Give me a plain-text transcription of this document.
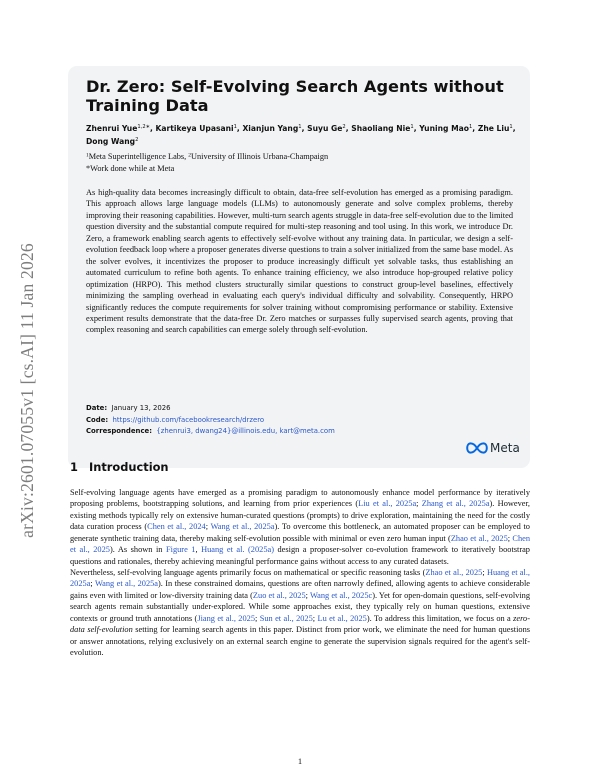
arXiv:2601.07055v1 [cs.AI] 11 Jan 2026
Dr. Zero: Self-Evolving Search Agents without Training Data
Zhenrui Yue$^{1,2∗}$, Kartikeya Upasani$^1$, Xianjun Yang$^1$, Suyu Ge$^2$, Shaoliang Nie$^1$, Yuning Mao$^1$, Zhe Liu$^1$, Dong Wang$^2$
$^1$Meta Superintelligence Labs, $^2$University of Illinois Urbana-Champaign
*Work done while at Meta

As high-quality data becomes increasingly difficult to obtain, data-free self-evolution has emerged as a promising paradigm. This approach allows large language models (LLMs) to autonomously generate and solve complex problems, thereby improving their reasoning capabilities. However, multi-turn search agents struggle in data-free self-evolution due to the limited question diversity and the substantial compute required for multi-step reasoning and tool using. In this work, we introduce Dr. Zero, a framework enabling search agents to effectively self-evolve without any training data. In particular, we design a self-evolution feedback loop where a proposer generates diverse questions to train a solver initialized from the same base model. As the solver evolves, it incentivizes the proposer to produce increasingly difficult yet solvable tasks, thus establishing an automated curriculum to refine both agents. To enhance training efficiency, we also introduce hop-grouped relative policy optimization (HRPO). This method clusters structurally similar questions to construct group-level baselines, effectively minimizing the sampling overhead in evaluating each query's individual difficulty and solvability. Consequently, HRPO significantly reduces the compute requirements for solver training without compromising performance or stability. Extensive experiment results demonstrate that the data-free Dr. Zero matches or surpasses fully supervised search agents, proving that complex reasoning and search capabilities can emerge solely through self-evolution.

Date: January 13, 2026
Code: https://github.com/facebookresearch/drzero
Correspondence: {zhenrui3, dwang24}@illinois.edu, kart@meta.com
Meta
1 Introduction

Self-evolving language agents have emerged as a promising paradigm to autonomously enhance model performance by iteratively proposing problems, bootstrapping solutions, and learning from prior experiences (Liu et al., 2025a; Zhang et al., 2025a). However, existing methods typically rely on extensive human-curated questions (prompts) to drive exploration, maintaining the need for the costly data curation process (Chen et al., 2024; Wang et al., 2025a). To overcome this bottleneck, an automated proposer can be employed to generate synthetic training data, thereby making self-evolution possible with minimal or even zero human input (Zhao et al., 2025; Chen et al., 2025). As shown in Figure 1, Huang et al. (2025a) design a proposer-solver co-evolution framework to iteratively bootstrap questions and rationales, thereby achieving meaningful performance gains without access to any curated datasets.

Nevertheless, self-evolving language agents primarily focus on mathematical or specific reasoning tasks (Zhao et al., 2025; Huang et al., 2025a; Wang et al., 2025a). In these constrained domains, questions are often narrowly defined, allowing agents to achieve considerable gains even with limited or low-diversity training data (Zuo et al., 2025; Wang et al., 2025c). Yet for open-domain questions, self-evolving search agents remain substantially under-explored. While some approaches exist, they typically rely on human questions, extensive contexts or ground truth annotations (Jiang et al., 2025; Sun et al., 2025; Lu et al., 2025). To address this limitation, we focus on a zero-data self-evolution setting for learning search agents in this paper. Distinct from prior work, we eliminate the need for human questions or answer annotations, relying exclusively on an external search engine to generate the supervision signals required for the agent's self-evolution.

1
